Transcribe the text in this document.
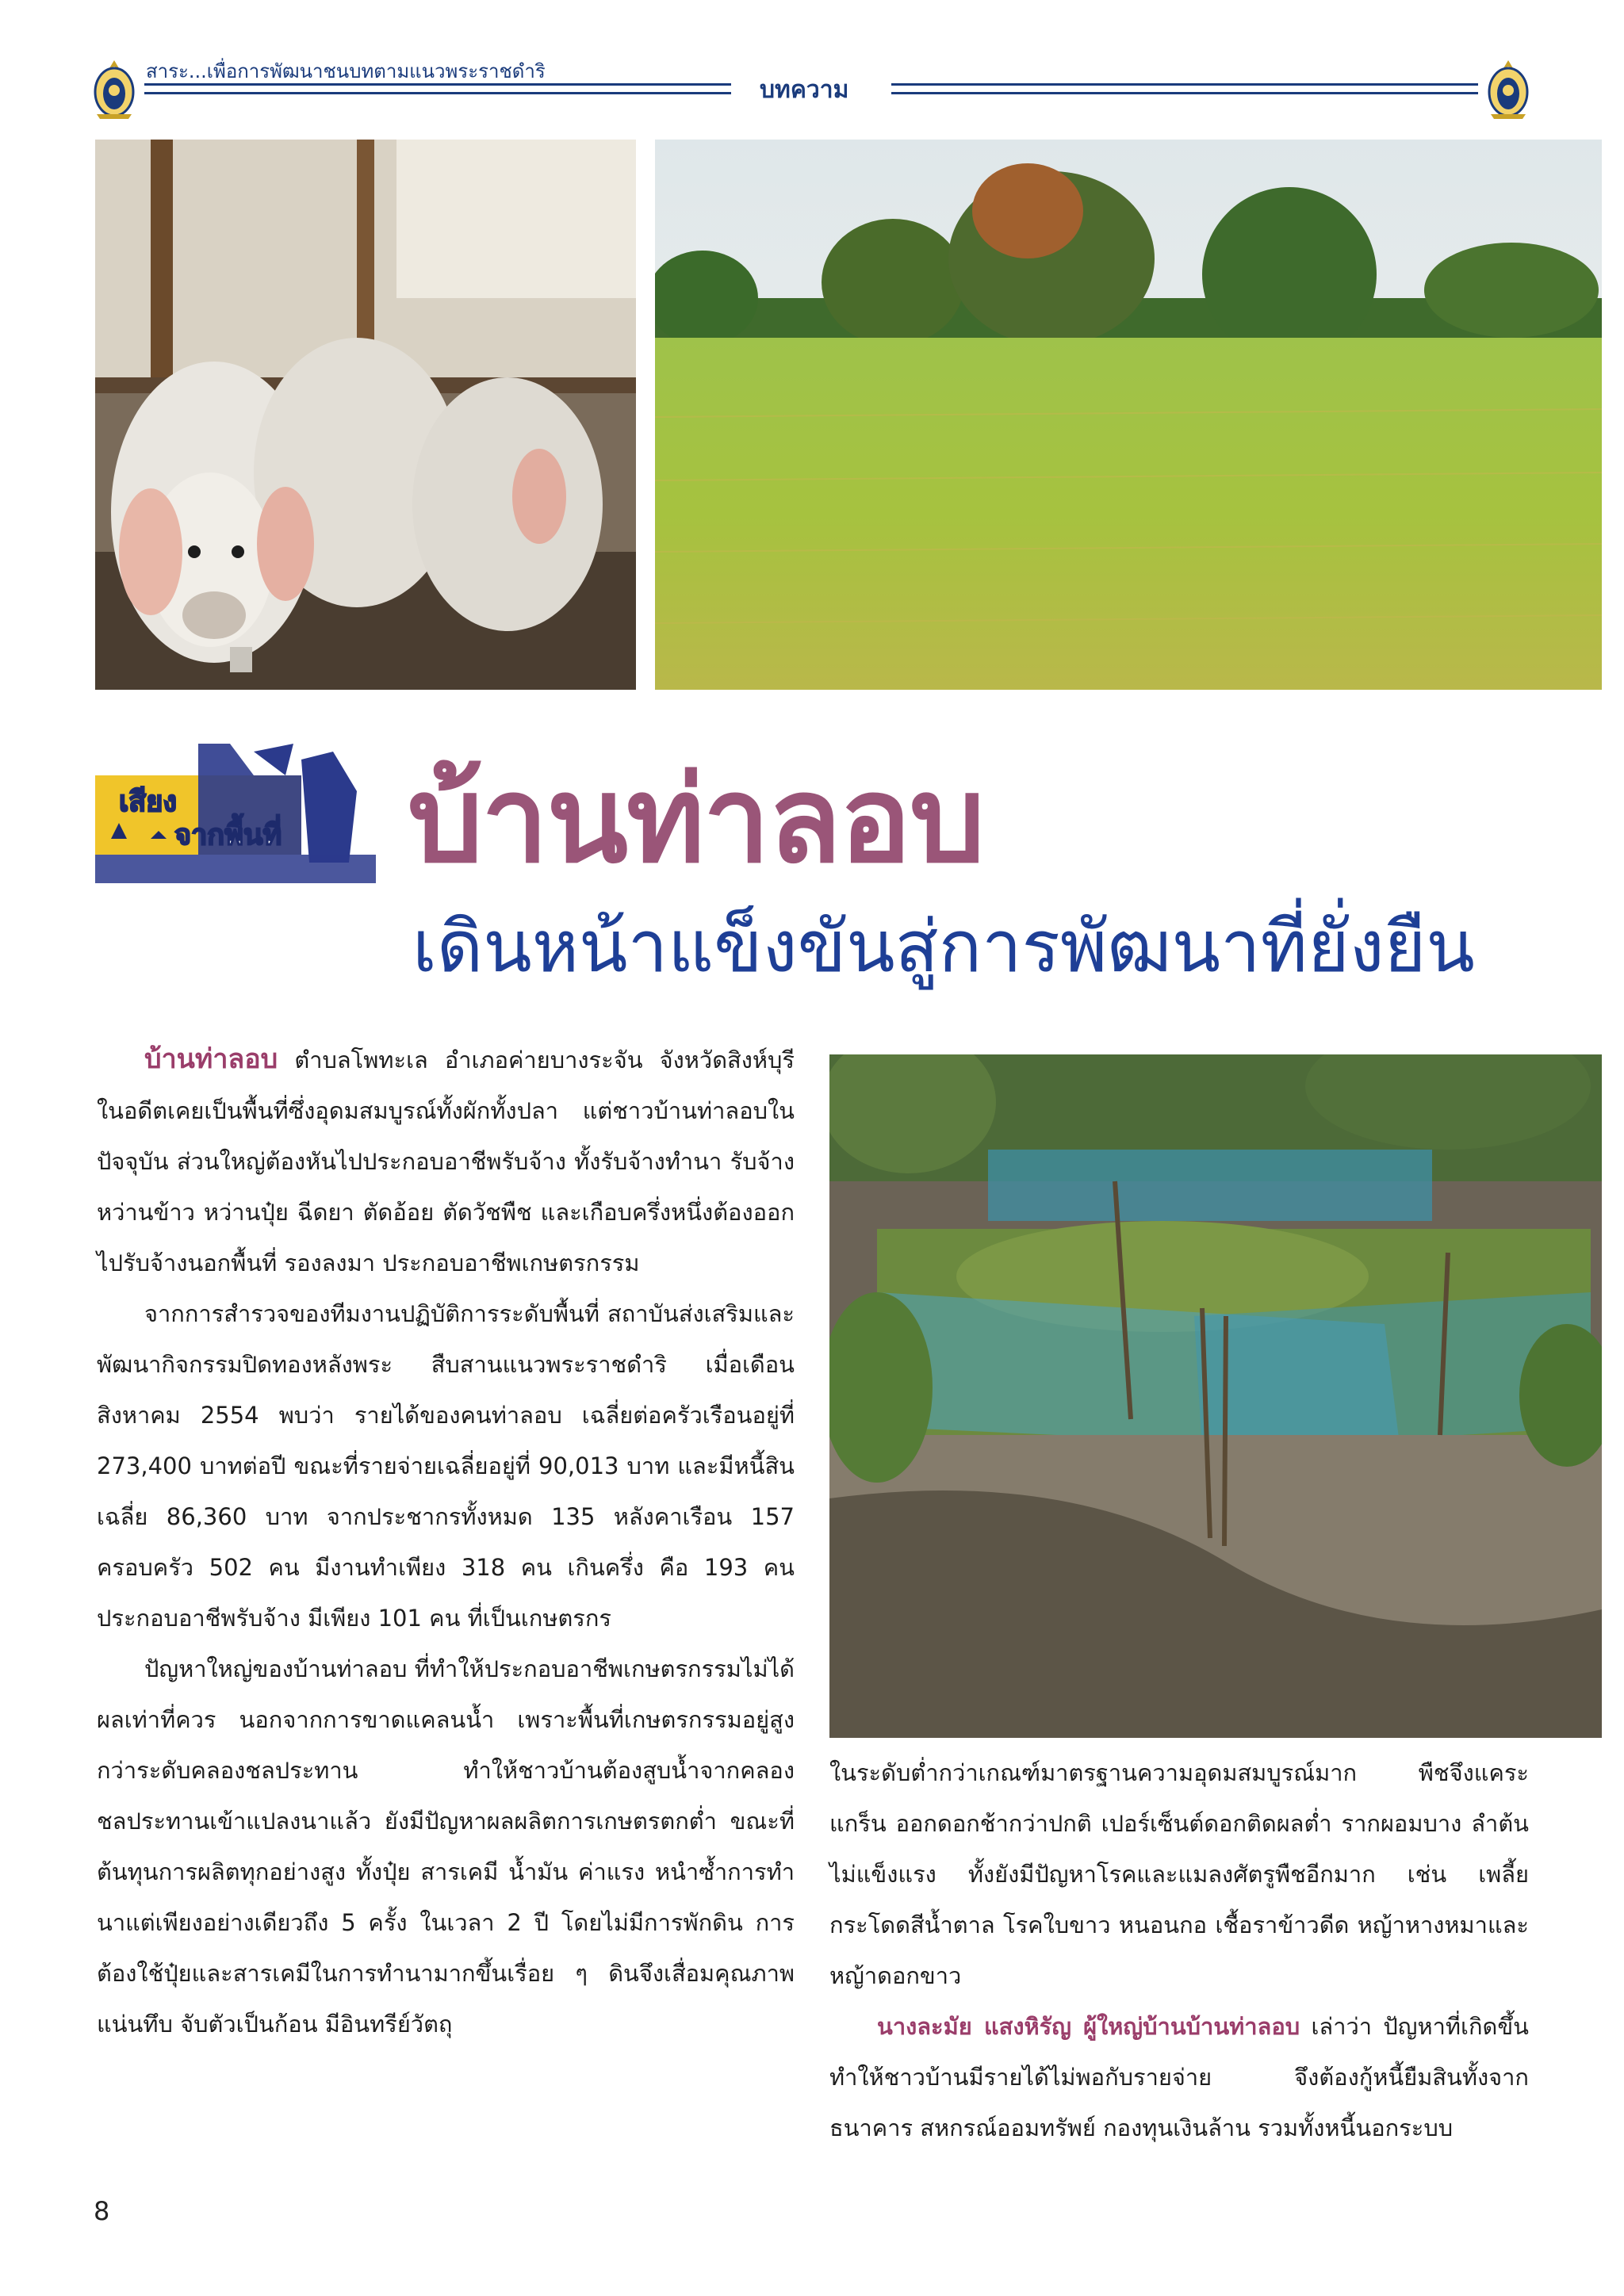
สาระ...เพื่อการพัฒนาชนบทตามแนวพระราชดำริ
บทความ
เสียง
จากพื้นที่ บ้านท่าลอบ
เดินหน้าแข็งขันสู่การพัฒนาที่ยั่งยืน

บ้านท่าลอบ ตำบลโพทะเล อำเภอค่ายบางระจัน จังหวัดสิงห์บุรี ในอดีตเคยเป็นพื้นที่ซึ่งอุดมสมบูรณ์ทั้งผักทั้งปลา แต่ชาวบ้านท่าลอบในปัจจุบัน ส่วนใหญ่ต้องหันไปประกอบอาชีพรับจ้าง ทั้งรับจ้างทำนา รับจ้างหว่านข้าว หว่านปุ๋ย ฉีดยา ตัดอ้อย ตัดวัชพืช และเกือบครึ่งหนึ่งต้องออกไปรับจ้างนอกพื้นที่ รองลงมา ประกอบอาชีพเกษตรกรรม

จากการสำรวจของทีมงานปฏิบัติการระดับพื้นที่ สถาบันส่งเสริมและพัฒนากิจกรรมปิดทองหลังพระ สืบสานแนวพระราชดำริ เมื่อเดือนสิงหาคม 2554 พบว่า รายได้ของคนท่าลอบ เฉลี่ยต่อครัวเรือนอยู่ที่ 273,400 บาทต่อปี ขณะที่รายจ่ายเฉลี่ยอยู่ที่ 90,013 บาท และมีหนี้สินเฉลี่ย 86,360 บาท จากประชากรทั้งหมด 135 หลังคาเรือน 157 ครอบครัว 502 คน มีงานทำเพียง 318 คน เกินครึ่ง คือ 193 คน ประกอบอาชีพรับจ้าง มีเพียง 101 คน ที่เป็นเกษตรกร

ปัญหาใหญ่ของบ้านท่าลอบ ที่ทำให้ประกอบอาชีพเกษตรกรรมไม่ได้ผลเท่าที่ควร นอกจากการขาดแคลนน้ำ เพราะพื้นที่เกษตรกรรมอยู่สูงกว่าระดับคลองชลประทาน ทำให้ชาวบ้านต้องสูบน้ำจากคลองชลประทานเข้าแปลงนาแล้ว ยังมีปัญหาผลผลิตการเกษตรตกต่ำ ขณะที่ต้นทุนการผลิตทุกอย่างสูง ทั้งปุ๋ย สารเคมี น้ำมัน ค่าแรง หนำซ้ำการทำนาแต่เพียงอย่างเดียวถึง 5 ครั้ง ในเวลา 2 ปี โดยไม่มีการพักดิน การต้องใช้ปุ๋ยและสารเคมีในการทำนามากขึ้นเรื่อย ๆ ดินจึงเสื่อมคุณภาพ แน่นทึบ จับตัวเป็นก้อน มีอินทรีย์วัตถุ

ในระดับต่ำกว่าเกณฑ์มาตรฐานความอุดมสมบูรณ์มาก พืชจึงแคระแกร็น ออกดอกช้ากว่าปกติ เปอร์เซ็นต์ดอกติดผลต่ำ รากผอมบาง ลำต้นไม่แข็งแรง ทั้งยังมีปัญหาโรคและแมลงศัตรูพืชอีกมาก เช่น เพลี้ยกระโดดสีน้ำตาล โรคใบขาว หนอนกอ เชื้อราข้าวดีด หญ้าหางหมาและหญ้าดอกขาว

นางละมัย แสงหิรัญ ผู้ใหญ่บ้านบ้านท่าลอบ เล่าว่า ปัญหาที่เกิดขึ้น ทำให้ชาวบ้านมีรายได้ไม่พอกับรายจ่าย จึงต้องกู้หนี้ยืมสินทั้งจากธนาคาร สหกรณ์ออมทรัพย์ กองทุนเงินล้าน รวมทั้งหนี้นอกระบบ

8
